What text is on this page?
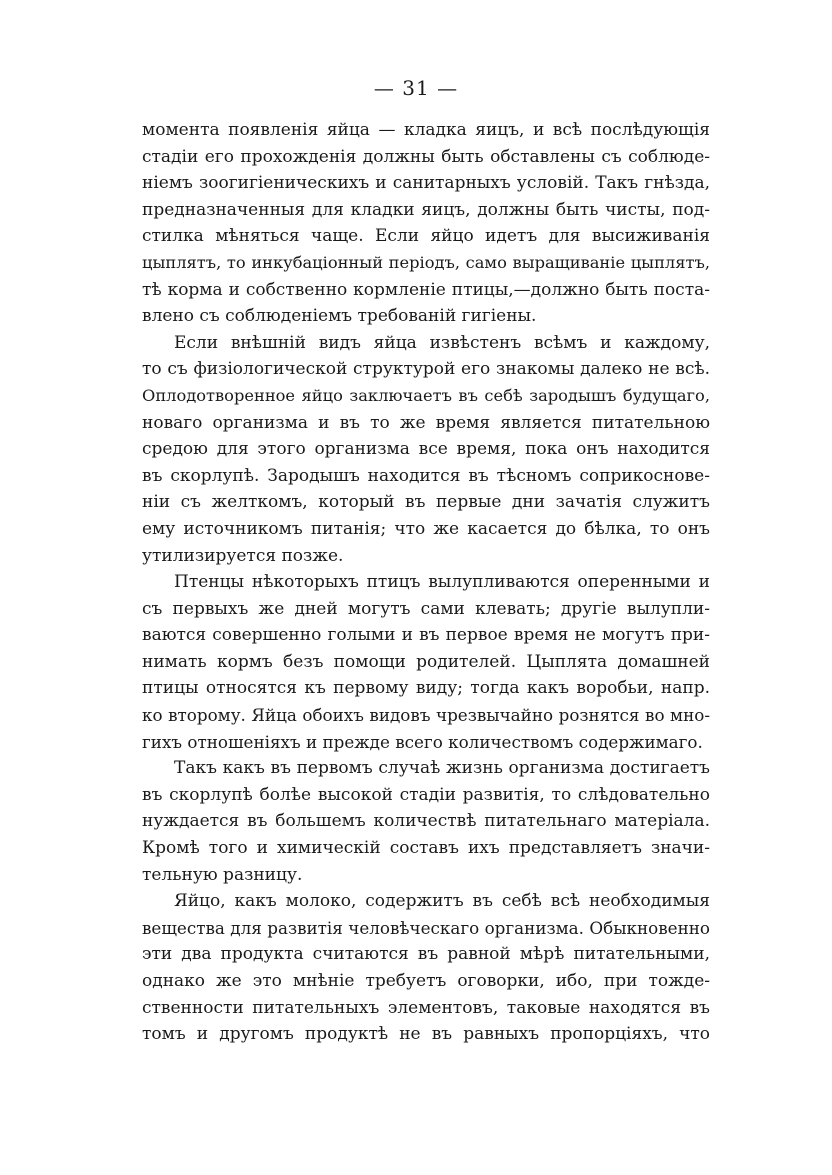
— 31 —
момента появленія яйца — кладка яицъ, и всѣ послѣдующія
стадіи его прохожденія должны быть обставлены съ соблюде-
ніемъ зоогигіеническихъ и санитарныхъ условій. Такъ гнѣзда,
предназначенныя для кладки яицъ, должны быть чисты, под-
стилка мѣняться чаще. Если яйцо идетъ для высиживанія
цыплятъ, то инкубаціонный періодъ, само выращиваніе цыплятъ,
тѣ корма и собственно кормленіе птицы,—должно быть поста-
влено съ соблюденіемъ требованій гигіены.
Если внѣшній видъ яйца извѣстенъ всѣмъ и каждому,
то съ физіологической структурой его знакомы далеко не всѣ.
Оплодотворенное яйцо заключаетъ въ себѣ зародышъ будущаго,
новаго организма и въ то же время является питательною
средою для этого организма все время, пока онъ находится
въ скорлупѣ. Зародышъ находится въ тѣсномъ соприкосновe-
ніи съ желткомъ, который въ первые дни зачатія служитъ
ему источникомъ питанія; что же касается до бѣлка, то онъ
утилизируется позже.
Птенцы нѣкоторыхъ птицъ вылупливаются оперенными и
съ первыхъ же дней могутъ сами клевать; другіе вылупли-
ваются совершенно голыми и въ первое время не могутъ при-
нимать кормъ безъ помощи родителей. Цыплята домашней
птицы относятся къ первому виду; тогда какъ воробьи, напр.
ко второму. Яйца обоихъ видовъ чрезвычайно рознятся во мно-
гихъ отношеніяхъ и прежде всего количествомъ содержимаго.
Такъ какъ въ первомъ случаѣ жизнь организма достигаетъ
въ скорлупѣ болѣе высокой стадіи развитія, то слѣдовательно
нуждается въ большемъ количествѣ питательнаго матеріала.
Кромѣ того и химическій составъ ихъ представляетъ значи-
тельную разницу.
Яйцо, какъ молоко, содержитъ въ себѣ всѣ необходимыя
вещества для развитія человѣческаго организма. Обыкновенно
эти два продукта считаются въ равной мѣрѣ питательными,
однако же это мнѣніе требуетъ оговорки, ибо, при тожде-
ственности питательныхъ элементовъ, таковые находятся въ
томъ и другомъ продуктѣ не въ равныхъ пропорціяхъ, что
